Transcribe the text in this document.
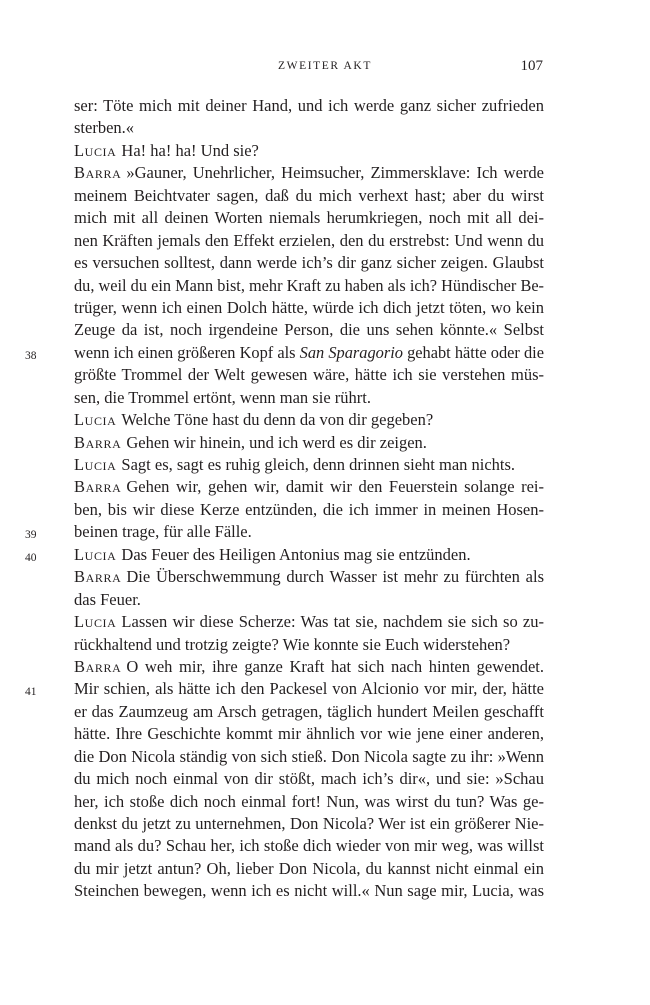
ZWEITER AKT	107
ser: Töte mich mit deiner Hand, und ich werde ganz sicher zufrieden
sterben.«
Lucia Ha! ha! ha! Und sie?
Barra »Gauner, Unehrlicher, Heimsucher, Zimmersklave: Ich werde
meinem Beichtvater sagen, daß du mich verhext hast; aber du wirst
mich mit all deinen Worten niemals herumkriegen, noch mit all dei-
nen Kräften jemals den Effekt erzielen, den du erstrebst: Und wenn du
es versuchen solltest, dann werde ich’s dir ganz sicher zeigen. Glaubst
du, weil du ein Mann bist, mehr Kraft zu haben als ich? Hündischer Be-
trüger, wenn ich einen Dolch hätte, würde ich dich jetzt töten, wo kein
Zeuge da ist, noch irgendeine Person, die uns sehen könnte.« Selbst
38	wenn ich einen größeren Kopf als San Sparagorio gehabt hätte oder die
größte Trommel der Welt gewesen wäre, hätte ich sie verstehen müs-
sen, die Trommel ertönt, wenn man sie rührt.
Lucia Welche Töne hast du denn da von dir gegeben?
Barra Gehen wir hinein, und ich werd es dir zeigen.
Lucia Sagt es, sagt es ruhig gleich, denn drinnen sieht man nichts.
Barra Gehen wir, gehen wir, damit wir den Feuerstein solange rei-
ben, bis wir diese Kerze entzünden, die ich immer in meinen Hosen-
39	beinen trage, für alle Fälle.
40	Lucia Das Feuer des Heiligen Antonius mag sie entzünden.
Barra Die Überschwemmung durch Wasser ist mehr zu fürchten als
das Feuer.
Lucia Lassen wir diese Scherze: Was tat sie, nachdem sie sich so zu-
rückhaltend und trotzig zeigte? Wie konnte sie Euch widerstehen?
Barra O weh mir, ihre ganze Kraft hat sich nach hinten gewendet.
41	Mir schien, als hätte ich den Packesel von Alcionio vor mir, der, hätte
er das Zaumzeug am Arsch getragen, täglich hundert Meilen geschafft
hätte. Ihre Geschichte kommt mir ähnlich vor wie jene einer anderen,
die Don Nicola ständig von sich stieß. Don Nicola sagte zu ihr: »Wenn
du mich noch einmal von dir stößt, mach ich’s dir«, und sie: »Schau
her, ich stoße dich noch einmal fort! Nun, was wirst du tun? Was ge-
denkst du jetzt zu unternehmen, Don Nicola? Wer ist ein größerer Nie-
mand als du? Schau her, ich stoße dich wieder von mir weg, was willst
du mir jetzt antun? Oh, lieber Don Nicola, du kannst nicht einmal ein
Steinchen bewegen, wenn ich es nicht will.« Nun sage mir, Lucia, was
